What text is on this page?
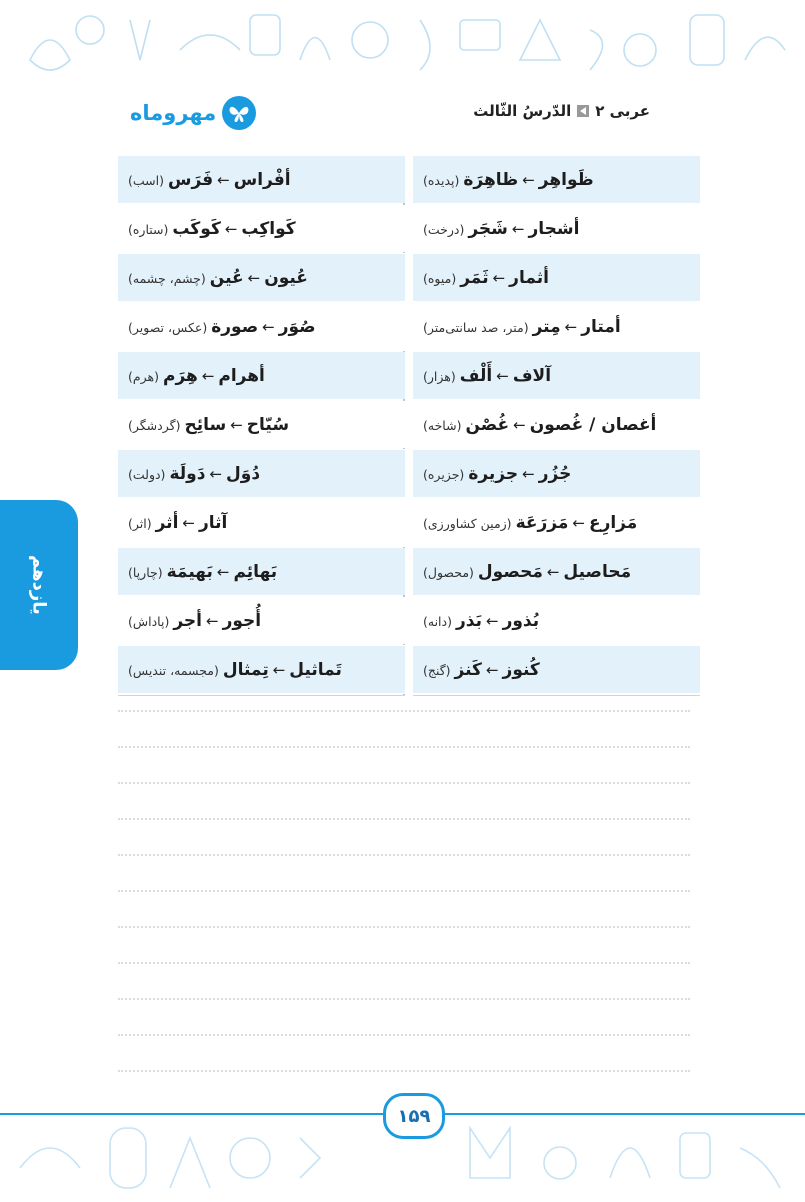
مهروماه	عربی ۲
الدّرسُ الثّالث
ظَواهِر←ظاهِرَة(پدیده)
أشجار←شَجَر(درخت)
أثمار←ثَمَر(میوه)
أمتار←مِتر(متر، صد سانتی‌متر)
آلاف←أَلْف(هزار)
أغصان / غُصون←غُصْن(شاخه)
جُزُر←جزيرة(جزیره)
مَزارِع←مَزرَعَة(زمین کشاورزی)
مَحاصيل←مَحصول(محصول)
بُذور←بَذر(دانه)
كُنوز←كَنز(گنج)
أفْراس←فَرَس(اسب)
كَواكِب←كَوكَب(ستاره)
عُيون←عُين(چشم، چشمه)
صُوَر←صورة(عکس، تصویر)
أهرام←هِرَم(هرم)
سُيّاح←سائِح(گردشگر)
دُوَل←دَولَة(دولت)
آثار←أثر(اثر)
بَهائِم←بَهيمَة(چارپا)
أُجور←أجر(پاداش)
تَماثيل←تِمثال(مجسمه، تندیس)
یازدهم
۱۵۹
